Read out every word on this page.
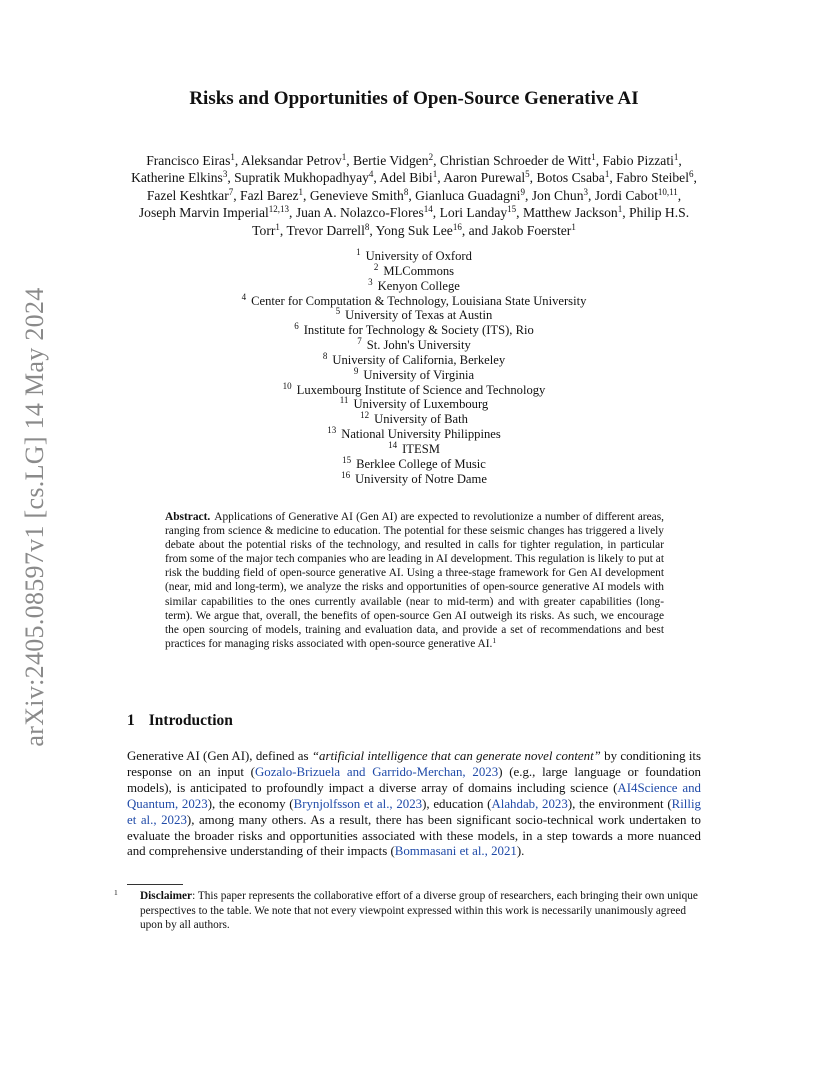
arXiv:2405.08597v1 [cs.LG] 14 May 2024
Risks and Opportunities of Open-Source Generative AI
Francisco Eiras$^1$, Aleksandar Petrov$^1$, Bertie Vidgen$^2$, Christian Schroeder de Witt$^1$, Fabio Pizzati$^1$, Katherine Elkins$^3$, Supratik Mukhopadhyay$^4$, Adel Bibi$^1$, Aaron Purewal$^5$, Botos Csaba$^1$, Fabro Steibel$^6$, Fazel Keshtkar$^7$, Fazl Barez$^1$, Genevieve Smith$^8$, Gianluca Guadagni$^9$, Jon Chun$^3$, Jordi Cabot$^{10,11}$, Joseph Marvin Imperial$^{12,13}$, Juan A. Nolazco-Flores$^{14}$, Lori Landay$^{15}$, Matthew Jackson$^1$, Philip H.S. Torr$^1$, Trevor Darrell$^8$, Yong Suk Lee$^{16}$, and Jakob Foerster$^1$
$^1$ University of Oxford
$^2$ MLCommons
$^3$ Kenyon College
$^4$ Center for Computation & Technology, Louisiana State University
$^5$ University of Texas at Austin
$^6$ Institute for Technology & Society (ITS), Rio
$^7$ St. John's University
$^8$ University of California, Berkeley
$^9$ University of Virginia
$^{10}$ Luxembourg Institute of Science and Technology
$^{11}$ University of Luxembourg
$^{12}$ University of Bath
$^{13}$ National University Philippines
$^{14}$ ITESM
$^{15}$ Berklee College of Music
$^{16}$ University of Notre Dame
Abstract. Applications of Generative AI (Gen AI) are expected to revolutionize a number of different areas, ranging from science & medicine to education. The potential for these seismic changes has triggered a lively debate about the potential risks of the technology, and resulted in calls for tighter regulation, in particular from some of the major tech companies who are leading in AI development. This regulation is likely to put at risk the budding field of open-source generative AI. Using a three-stage framework for Gen AI development (near, mid and long-term), we analyze the risks and opportunities of open-source generative AI models with similar capabilities to the ones currently available (near to mid-term) and with greater capabilities (long-term). We argue that, overall, the benefits of open-source Gen AI outweigh its risks. As such, we encourage the open sourcing of models, training and evaluation data, and provide a set of recommendations and best practices for managing risks associated with open-source generative AI.$^1$
1 Introduction
Generative AI (Gen AI), defined as “artificial intelligence that can generate novel content” by conditioning its response on an input (Gozalo-Brizuela and Garrido-Merchan, 2023) (e.g., large language or foundation models), is anticipated to profoundly impact a diverse array of domains including science (AI4Science and Quantum, 2023), the economy (Brynjolfsson et al., 2023), education (Alahdab, 2023), the environment (Rillig et al., 2023), among many others. As a result, there has been significant socio-technical work undertaken to evaluate the broader risks and opportunities associated with these models, in a step towards a more nuanced and comprehensive understanding of their impacts (Bommasani et al., 2021).
1 Disclaimer: This paper represents the collaborative effort of a diverse group of researchers, each bringing their own unique perspectives to the table. We note that not every viewpoint expressed within this work is necessarily unanimously agreed upon by all authors.
